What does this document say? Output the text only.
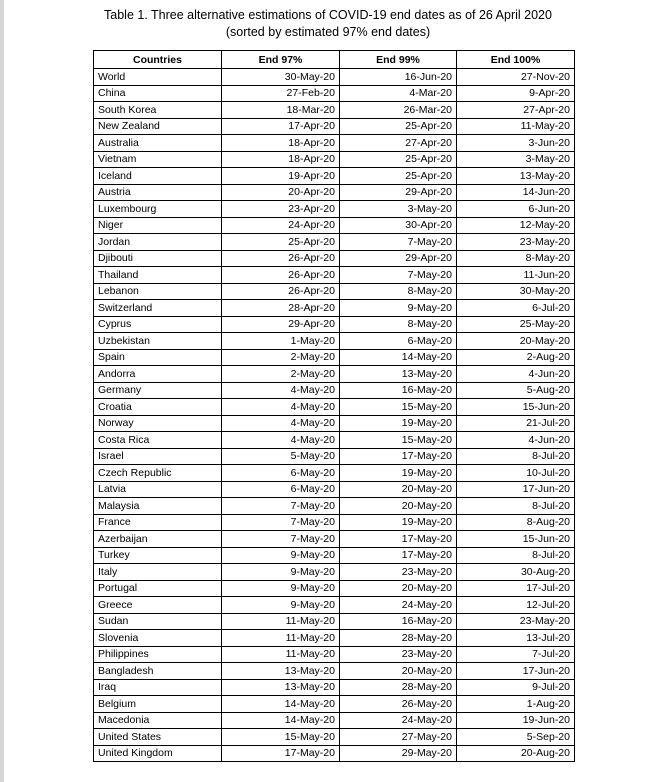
Table 1. Three alternative estimations of COVID-19 end dates as of 26 April 2020
(sorted by estimated 97% end dates)
Countries	End 97%	End 99%	End 100%
World	30-May-20	16-Jun-20	27-Nov-20
China	27-Feb-20	4-Mar-20	9-Apr-20
South Korea	18-Mar-20	26-Mar-20	27-Apr-20
New Zealand	17-Apr-20	25-Apr-20	11-May-20
Australia	18-Apr-20	27-Apr-20	3-Jun-20
Vietnam	18-Apr-20	25-Apr-20	3-May-20
Iceland	19-Apr-20	25-Apr-20	13-May-20
Austria	20-Apr-20	29-Apr-20	14-Jun-20
Luxembourg	23-Apr-20	3-May-20	6-Jun-20
Niger	24-Apr-20	30-Apr-20	12-May-20
Jordan	25-Apr-20	7-May-20	23-May-20
Djibouti	26-Apr-20	29-Apr-20	8-May-20
Thailand	26-Apr-20	7-May-20	11-Jun-20
Lebanon	26-Apr-20	8-May-20	30-May-20
Switzerland	28-Apr-20	9-May-20	6-Jul-20
Cyprus	29-Apr-20	8-May-20	25-May-20
Uzbekistan	1-May-20	6-May-20	20-May-20
Spain	2-May-20	14-May-20	2-Aug-20
Andorra	2-May-20	13-May-20	4-Jun-20
Germany	4-May-20	16-May-20	5-Aug-20
Croatia	4-May-20	15-May-20	15-Jun-20
Norway	4-May-20	19-May-20	21-Jul-20
Costa Rica	4-May-20	15-May-20	4-Jun-20
Israel	5-May-20	17-May-20	8-Jul-20
Czech Republic	6-May-20	19-May-20	10-Jul-20
Latvia	6-May-20	20-May-20	17-Jun-20
Malaysia	7-May-20	20-May-20	8-Jul-20
France	7-May-20	19-May-20	8-Aug-20
Azerbaijan	7-May-20	17-May-20	15-Jun-20
Turkey	9-May-20	17-May-20	8-Jul-20
Italy	9-May-20	23-May-20	30-Aug-20
Portugal	9-May-20	20-May-20	17-Jul-20
Greece	9-May-20	24-May-20	12-Jul-20
Sudan	11-May-20	16-May-20	23-May-20
Slovenia	11-May-20	28-May-20	13-Jul-20
Philippines	11-May-20	23-May-20	7-Jul-20
Bangladesh	13-May-20	20-May-20	17-Jun-20
Iraq	13-May-20	28-May-20	9-Jul-20
Belgium	14-May-20	26-May-20	1-Aug-20
Macedonia	14-May-20	24-May-20	19-Jun-20
United States	15-May-20	27-May-20	5-Sep-20
United Kingdom	17-May-20	29-May-20	20-Aug-20
